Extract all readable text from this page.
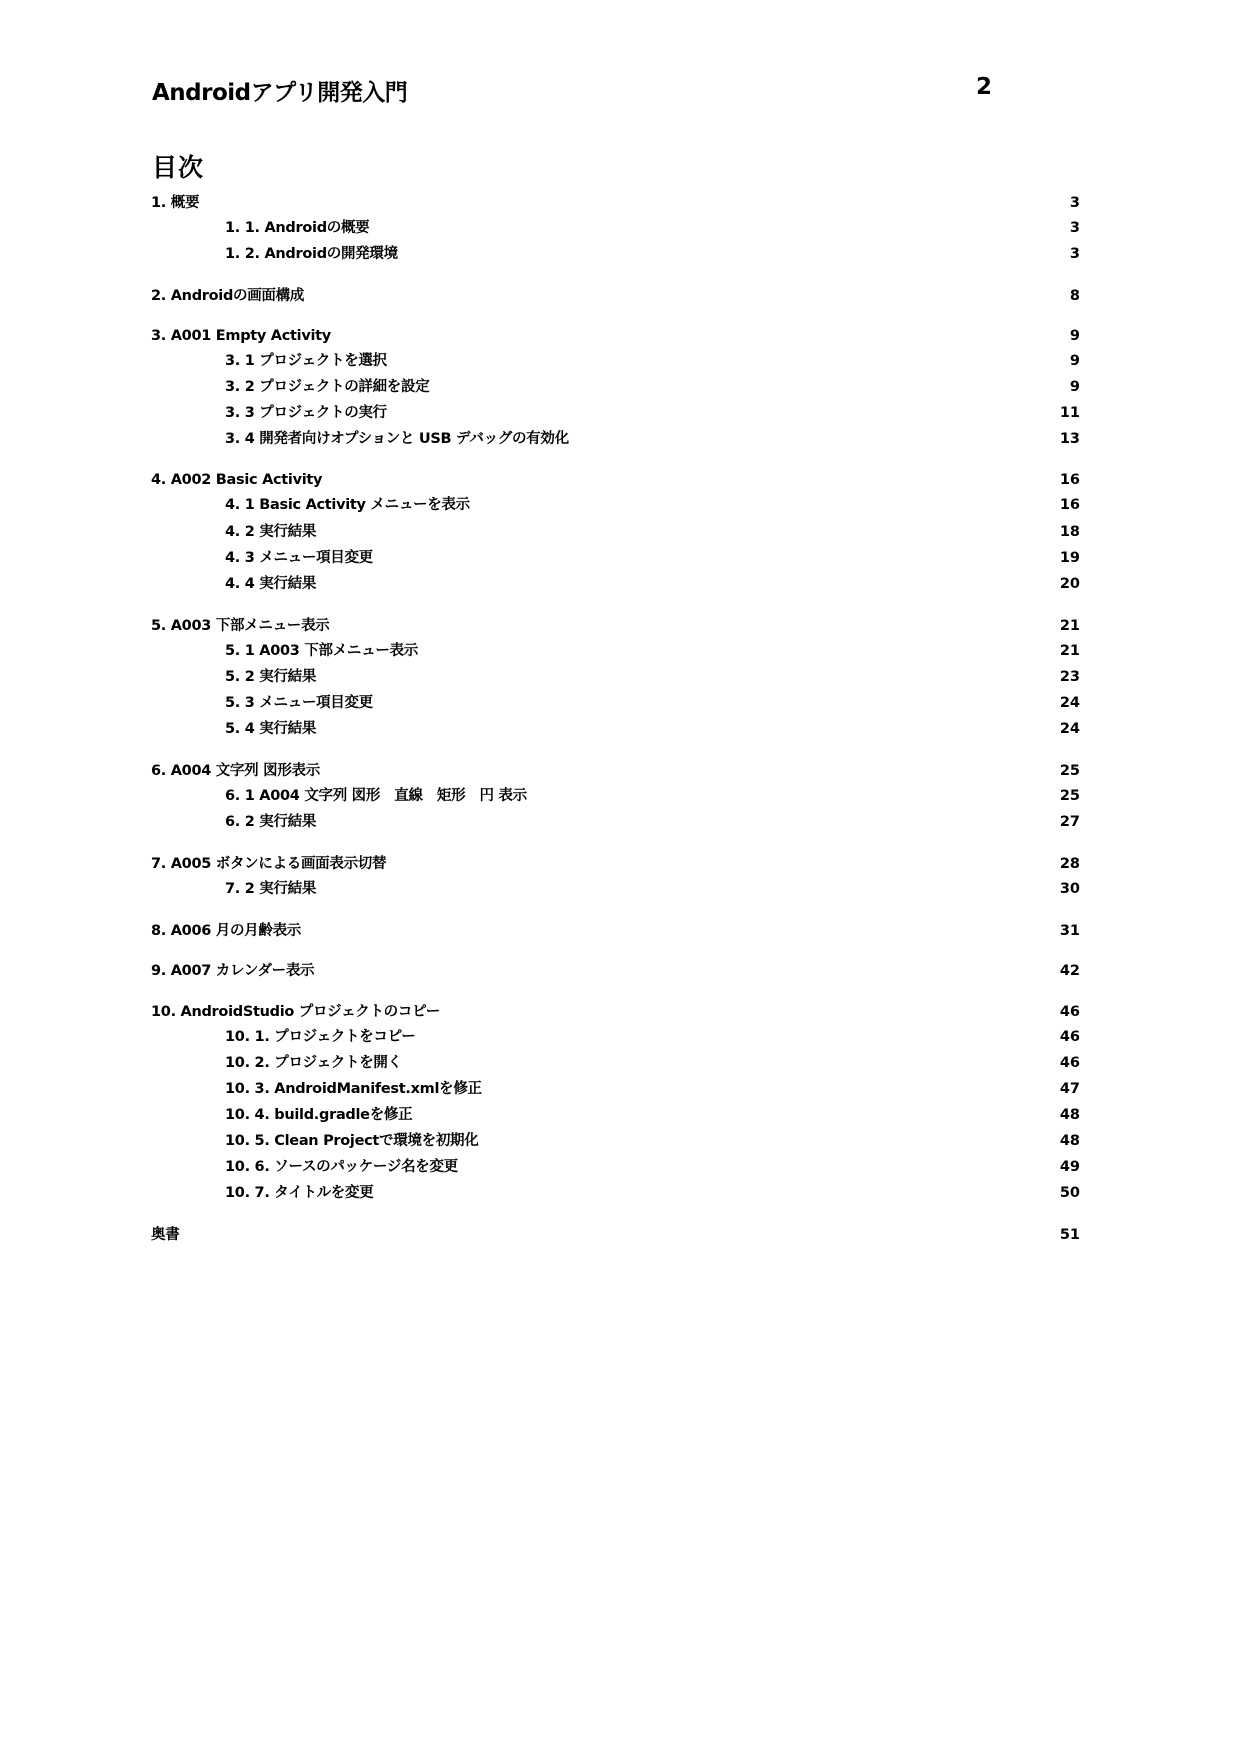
Androidアプリ開発入門	2
目次
1. 概要	3
1. 1. Androidの概要	3
1. 2. Androidの開発環境	3
2. Androidの画面構成	8
3. A001 Empty Activity	9
3. 1 プロジェクトを選択	9
3. 2 プロジェクトの詳細を設定	9
3. 3 プロジェクトの実行	11
3. 4 開発者向けオプションと USB デバッグの有効化	13
4. A002 Basic Activity	16
4. 1 Basic Activity メニューを表示	16
4. 2 実行結果	18
4. 3 メニュー項目変更	19
4. 4 実行結果	20
5. A003 下部メニュー表示	21
5. 1 A003 下部メニュー表示	21
5. 2 実行結果	23
5. 3 メニュー項目変更	24
5. 4 実行結果	24
6. A004 文字列 図形表示	25
6. 1 A004 文字列 図形　直線　矩形　円 表示	25
6. 2 実行結果	27
7. A005 ボタンによる画面表示切替	28
7. 2 実行結果	30
8. A006 月の月齢表示	31
9. A007 カレンダー表示	42
10. AndroidStudio プロジェクトのコピー	46
10. 1. プロジェクトをコピー	46
10. 2. プロジェクトを開く	46
10. 3. AndroidManifest.xmlを修正	47
10. 4. build.gradleを修正	48
10. 5. Clean Projectで環境を初期化	48
10. 6. ソースのパッケージ名を変更	49
10. 7. タイトルを変更	50
奥書	51
